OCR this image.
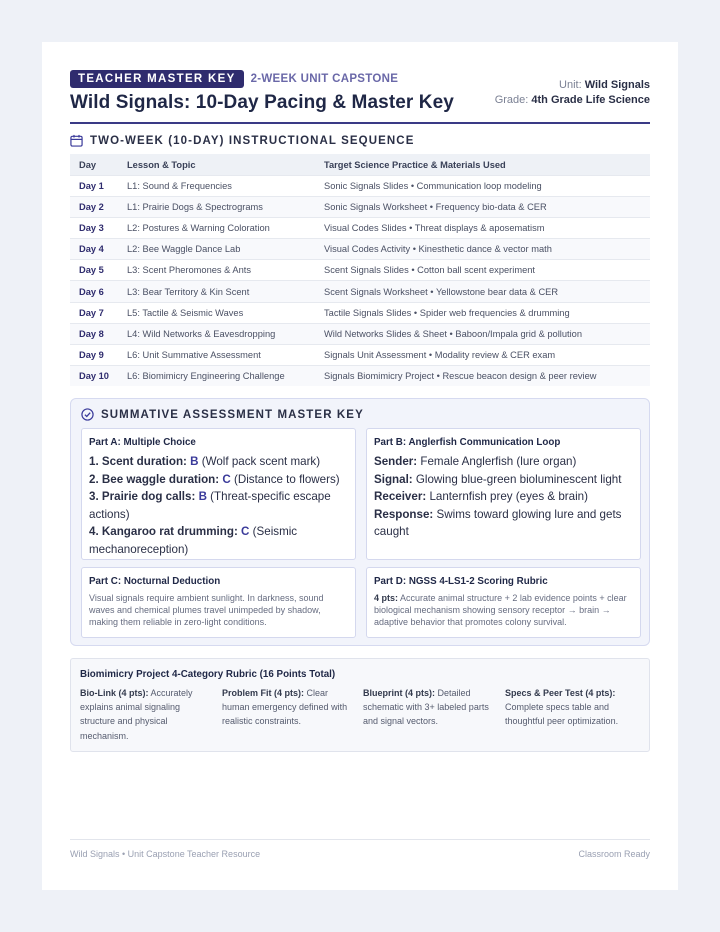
TEACHER MASTER KEY	2-WEEK UNIT CAPSTONE
Wild Signals: 10-Day Pacing & Master Key
Unit: Wild Signals
Grade: 4th Grade Life Science
TWO-WEEK (10-DAY) INSTRUCTIONAL SEQUENCE
Day	Lesson & Topic	Target Science Practice & Materials Used
Day 1	L1: Sound & Frequencies	Sonic Signals Slides • Communication loop modeling
Day 2	L1: Prairie Dogs & Spectrograms	Sonic Signals Worksheet • Frequency bio-data & CER
Day 3	L2: Postures & Warning Coloration	Visual Codes Slides • Threat displays & aposematism
Day 4	L2: Bee Waggle Dance Lab	Visual Codes Activity • Kinesthetic dance & vector math
Day 5	L3: Scent Pheromones & Ants	Scent Signals Slides • Cotton ball scent experiment
Day 6	L3: Bear Territory & Kin Scent	Scent Signals Worksheet • Yellowstone bear data & CER
Day 7	L5: Tactile & Seismic Waves	Tactile Signals Slides • Spider web frequencies & drumming
Day 8	L4: Wild Networks & Eavesdropping	Wild Networks Slides & Sheet • Baboon/Impala grid & pollution
Day 9	L6: Unit Summative Assessment	Signals Unit Assessment • Modality review & CER exam
Day 10	L6: Biomimicry Engineering Challenge	Signals Biomimicry Project • Rescue beacon design & peer review
SUMMATIVE ASSESSMENT MASTER KEY
Part A: Multiple Choice
1. Scent duration: B (Wolf pack scent mark)
2. Bee waggle duration: C (Distance to flowers)
3. Prairie dog calls: B (Threat-specific escape actions)
4. Kangaroo rat drumming: C (Seismic mechanoreception)
Part B: Anglerfish Communication Loop
Sender: Female Anglerfish (lure organ)
Signal: Glowing blue-green bioluminescent light
Receiver: Lanternfish prey (eyes & brain)
Response: Swims toward glowing lure and gets caught
Part C: Nocturnal Deduction
Visual signals require ambient sunlight. In darkness, sound waves and chemical plumes travel unimpeded by shadow, making them reliable in zero-light conditions.
Part D: NGSS 4-LS1-2 Scoring Rubric
4 pts: Accurate animal structure + 2 lab evidence points + clear biological mechanism showing sensory receptor → brain → adaptive behavior that promotes colony survival.
Biomimicry Project 4-Category Rubric (16 Points Total)
Bio-Link (4 pts): Accurately explains animal signaling structure and physical mechanism.
Problem Fit (4 pts): Clear human emergency defined with realistic constraints.
Blueprint (4 pts): Detailed schematic with 3+ labeled parts and signal vectors.
Specs & Peer Test (4 pts): Complete specs table and thoughtful peer optimization.
Wild Signals • Unit Capstone Teacher Resource	Classroom Ready
